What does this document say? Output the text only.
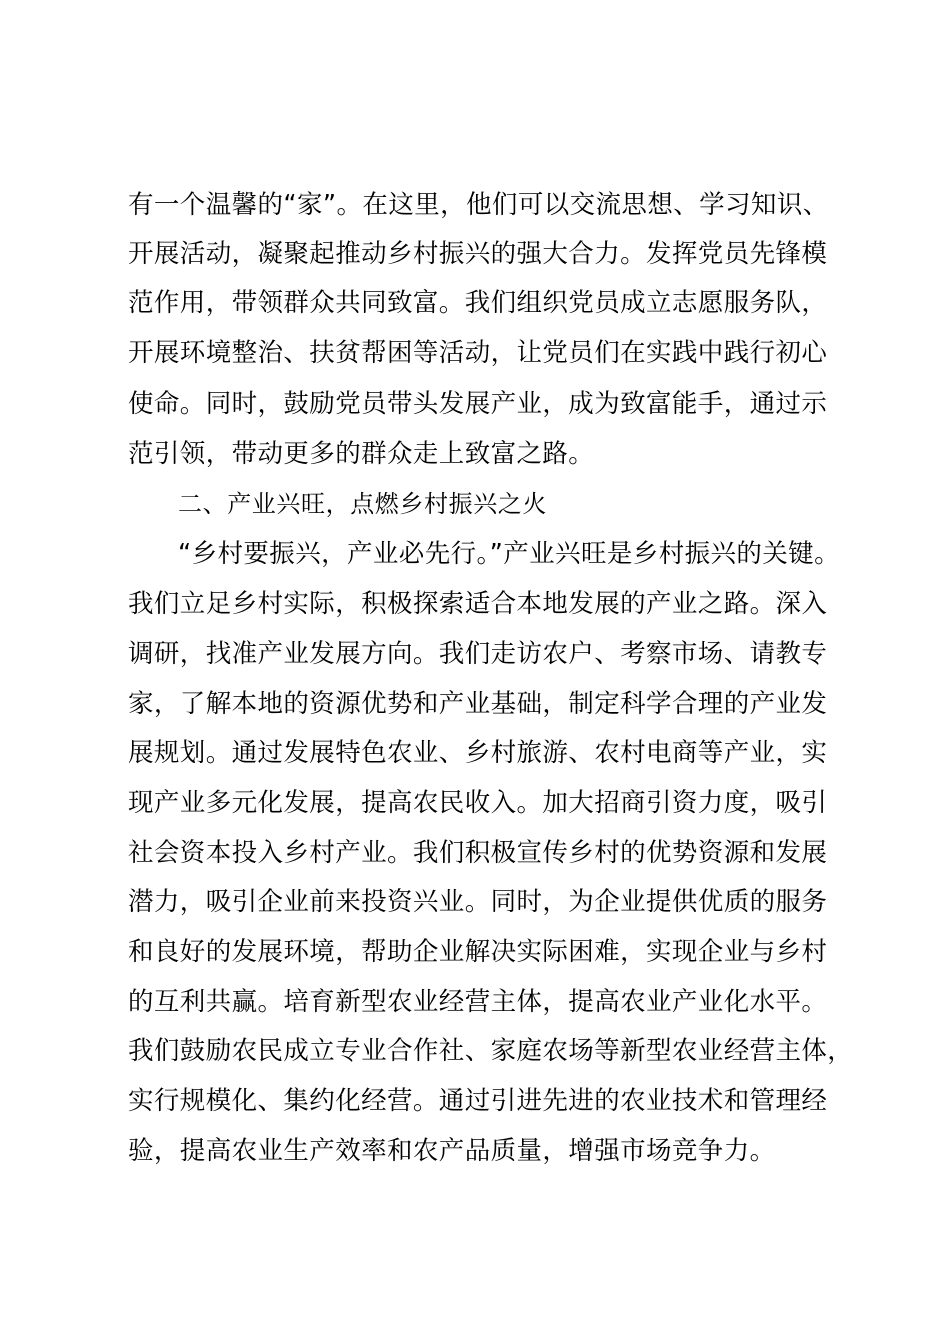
有一个温馨的“家”。在这里，他们可以交流思想、学习知识、
开展活动，凝聚起推动乡村振兴的强大合力。发挥党员先锋模
范作用，带领群众共同致富。我们组织党员成立志愿服务队，
开展环境整治、扶贫帮困等活动，让党员们在实践中践行初心
使命。同时，鼓励党员带头发展产业，成为致富能手，通过示
范引领，带动更多的群众走上致富之路。
二、产业兴旺，点燃乡村振兴之火
“乡村要振兴，产业必先行。”产业兴旺是乡村振兴的关键。
我们立足乡村实际，积极探索适合本地发展的产业之路。深入
调研，找准产业发展方向。我们走访农户、考察市场、请教专
家，了解本地的资源优势和产业基础，制定科学合理的产业发
展规划。通过发展特色农业、乡村旅游、农村电商等产业，实
现产业多元化发展，提高农民收入。加大招商引资力度，吸引
社会资本投入乡村产业。我们积极宣传乡村的优势资源和发展
潜力，吸引企业前来投资兴业。同时，为企业提供优质的服务
和良好的发展环境，帮助企业解决实际困难，实现企业与乡村
的互利共赢。培育新型农业经营主体，提高农业产业化水平。
我们鼓励农民成立专业合作社、家庭农场等新型农业经营主体，
实行规模化、集约化经营。通过引进先进的农业技术和管理经
验，提高农业生产效率和农产品质量，增强市场竞争力。
